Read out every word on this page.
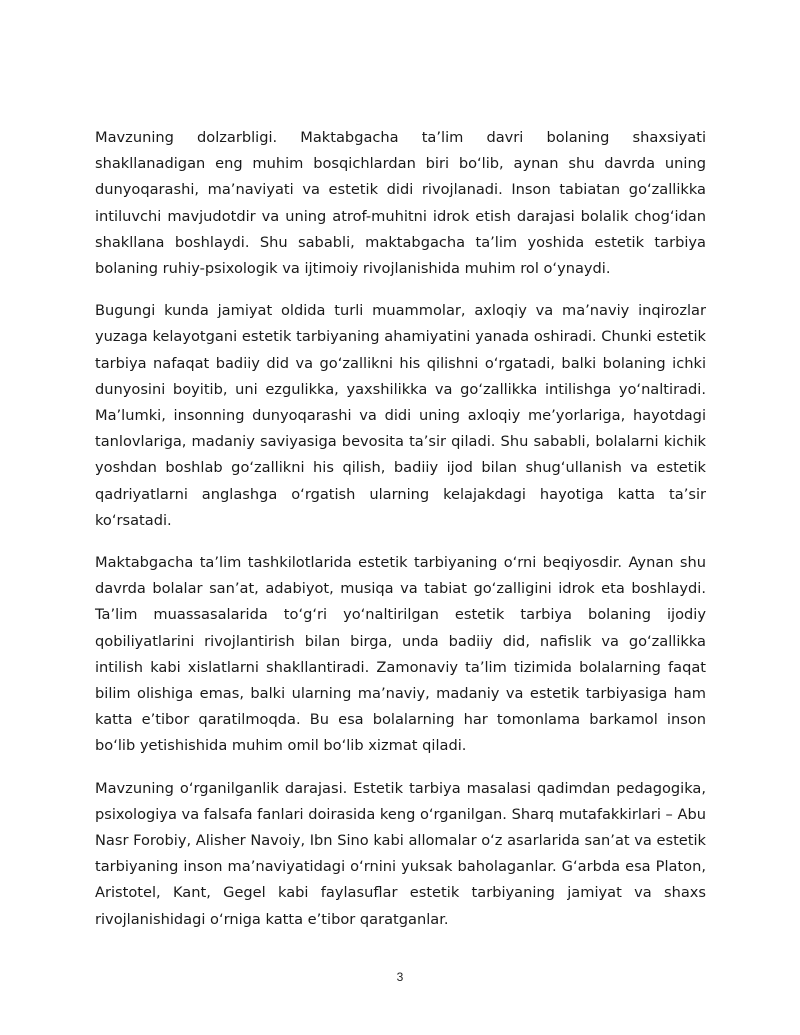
Mavzuning dolzarbligi. Maktabgacha ta’lim davri bolaning shaxsiyati shakllanadigan eng muhim bosqichlardan biri bo‘lib, aynan shu davrda uning dunyoqarashi, ma’naviyati va estetik didi rivojlanadi. Inson tabiatan go‘zallikka intiluvchi mavjudotdir va uning atrof-muhitni idrok etish darajasi bolalik chog‘idan shakllana boshlaydi. Shu sababli, maktabgacha ta’lim yoshida estetik tarbiya bolaning ruhiy-psixologik va ijtimoiy rivojlanishida muhim rol o‘ynaydi.

Bugungi kunda jamiyat oldida turli muammolar, axloqiy va ma’naviy inqirozlar yuzaga kelayotgani estetik tarbiyaning ahamiyatini yanada oshiradi. Chunki estetik tarbiya nafaqat badiiy did va go‘zallikni his qilishni o‘rgatadi, balki bolaning ichki dunyosini boyitib, uni ezgulikka, yaxshilikka va go‘zallikka intilishga yo‘naltiradi. Ma’lumki, insonning dunyoqarashi va didi uning axloqiy me’yorlariga, hayotdagi tanlovlariga, madaniy saviyasiga bevosita ta’sir qiladi. Shu sababli, bolalarni kichik yoshdan boshlab go‘zallikni his qilish, badiiy ijod bilan shug‘ullanish va estetik qadriyatlarni anglashga o‘rgatish ularning kelajakdagi hayotiga katta ta’sir ko‘rsatadi.

Maktabgacha ta’lim tashkilotlarida estetik tarbiyaning o‘rni beqiyosdir. Aynan shu davrda bolalar san’at, adabiyot, musiqa va tabiat go‘zalligini idrok eta boshlaydi. Ta’lim muassasalarida to‘g‘ri yo‘naltirilgan estetik tarbiya bolaning ijodiy qobiliyatlarini rivojlantirish bilan birga, unda badiiy did, nafislik va go‘zallikka intilish kabi xislatlarni shakllantiradi. Zamonaviy ta’lim tizimida bolalarning faqat bilim olishiga emas, balki ularning ma’naviy, madaniy va estetik tarbiyasiga ham katta e’tibor qaratilmoqda. Bu esa bolalarning har tomonlama barkamol inson bo‘lib yetishishida muhim omil bo‘lib xizmat qiladi.

Mavzuning o‘rganilganlik darajasi. Estetik tarbiya masalasi qadimdan pedagogika, psixologiya va falsafa fanlari doirasida keng o‘rganilgan. Sharq mutafakkirlari – Abu Nasr Forobiy, Alisher Navoiy, Ibn Sino kabi allomalar o‘z asarlarida san’at va estetik tarbiyaning inson ma’naviyatidagi o‘rnini yuksak baholaganlar. G‘arbda esa Platon, Aristotel, Kant, Gegel kabi faylasuflar estetik tarbiyaning jamiyat va shaxs rivojlanishidagi o‘rniga katta e’tibor qaratganlar.

3
